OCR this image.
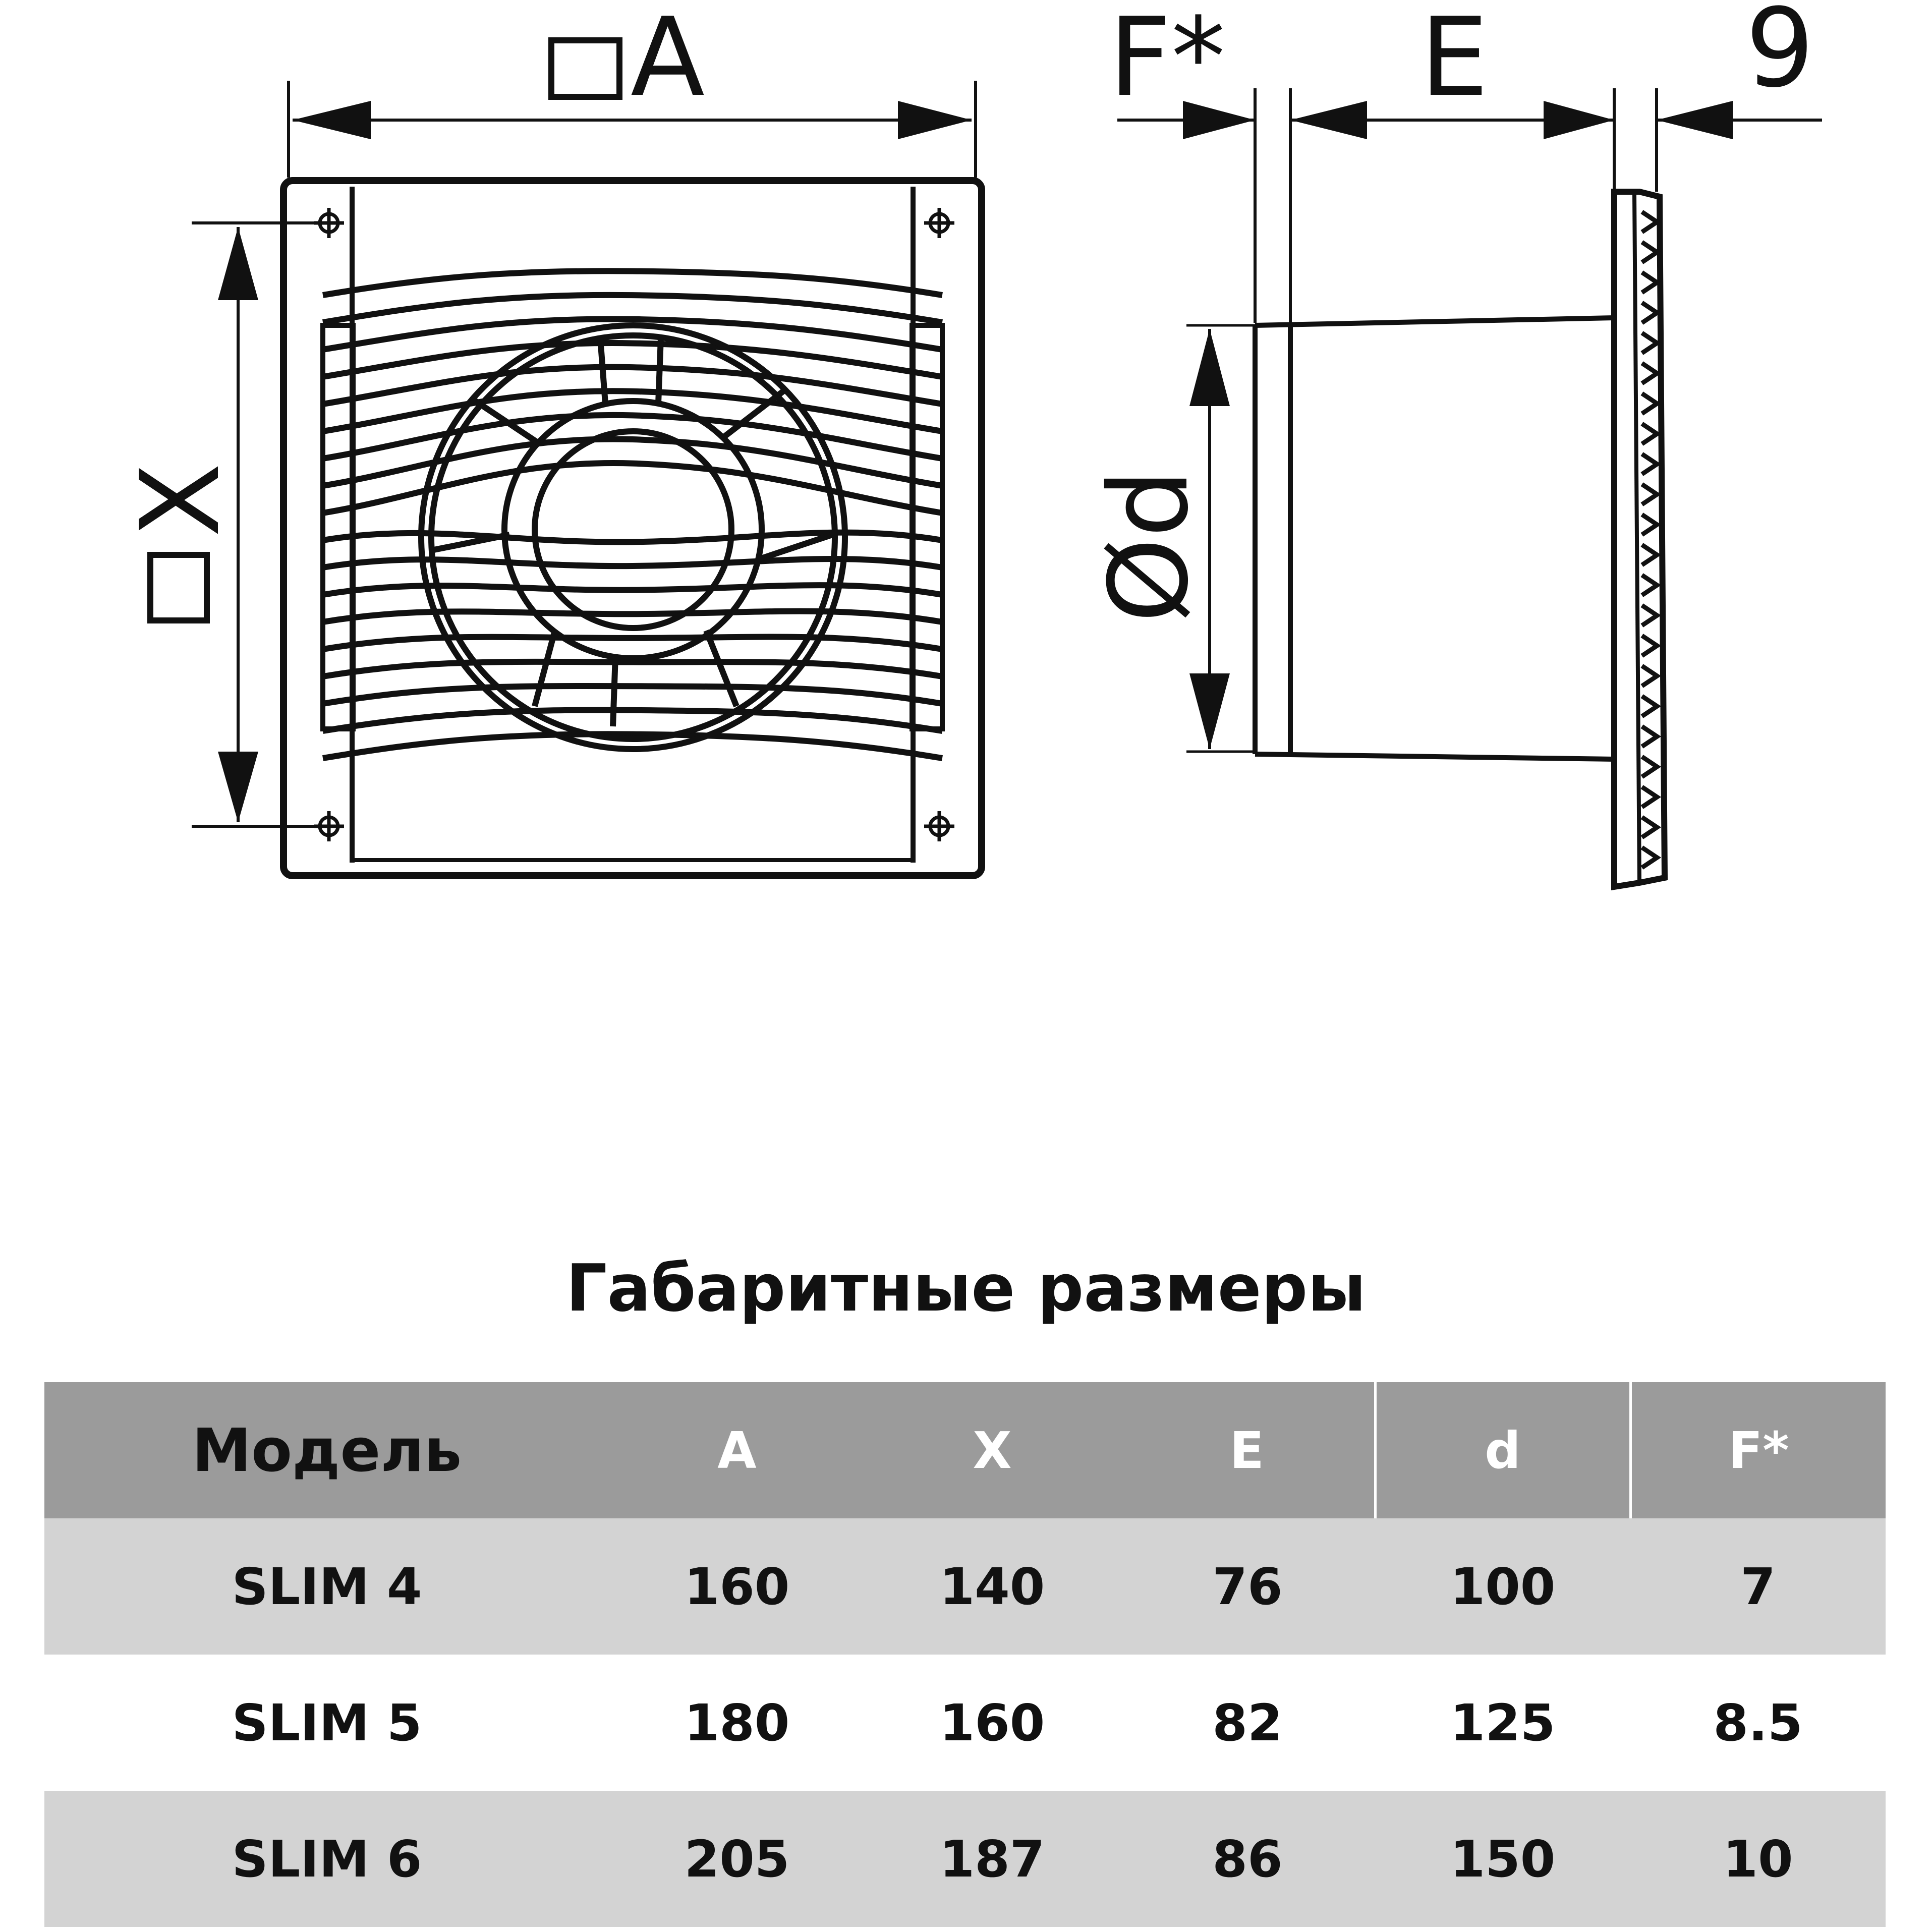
A
X
F* E 9
Ød
Габаритные размеры
Модель	A	X	E	d	F*
SLIM 4	160	140	76	100	7
SLIM 5	180	160	82	125	8.5
SLIM 6	205	187	86	150	10
